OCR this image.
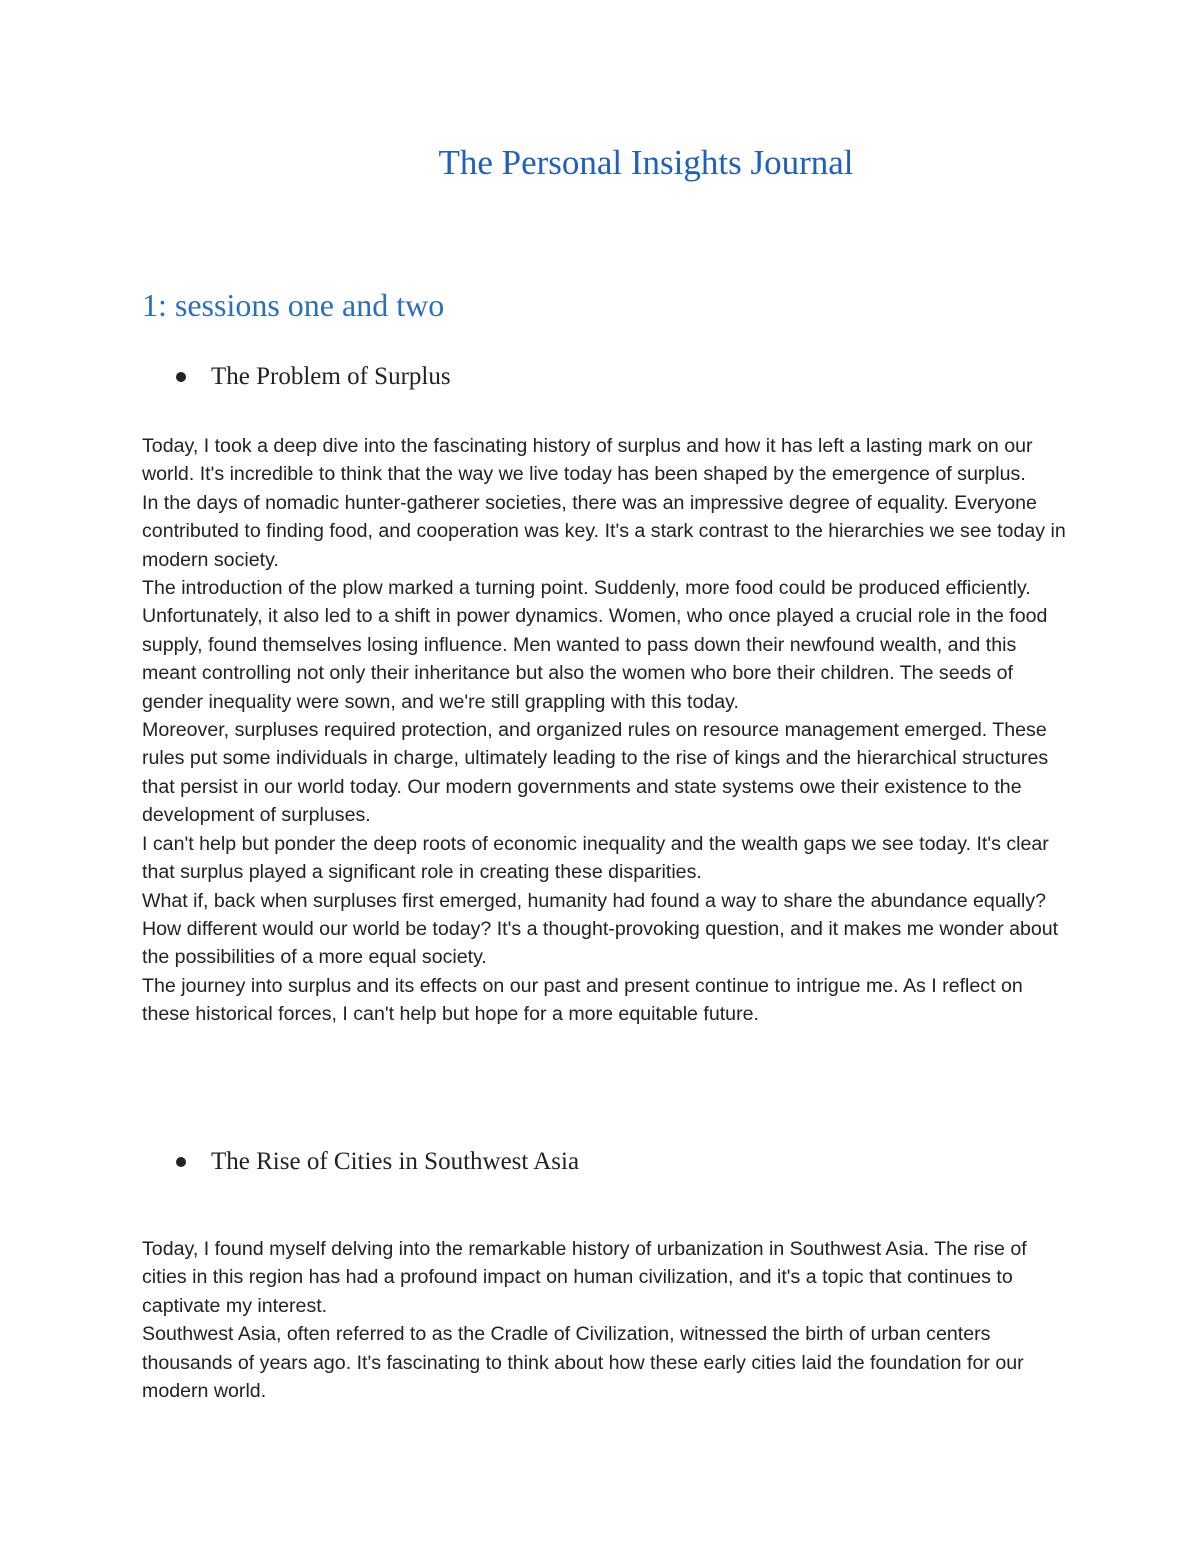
The Personal Insights Journal
1: sessions one and two
The Problem of Surplus

Today, I took a deep dive into the fascinating history of surplus and how it has left a lasting mark on our world. It's incredible to think that the way we live today has been shaped by the emergence of surplus.

In the days of nomadic hunter-gatherer societies, there was an impressive degree of equality. Everyone contributed to finding food, and cooperation was key. It's a stark contrast to the hierarchies we see today in modern society.

The introduction of the plow marked a turning point. Suddenly, more food could be produced efficiently. Unfortunately, it also led to a shift in power dynamics. Women, who once played a crucial role in the food supply, found themselves losing influence. Men wanted to pass down their newfound wealth, and this meant controlling not only their inheritance but also the women who bore their children. The seeds of gender inequality were sown, and we're still grappling with this today.

Moreover, surpluses required protection, and organized rules on resource management emerged. These rules put some individuals in charge, ultimately leading to the rise of kings and the hierarchical structures that persist in our world today. Our modern governments and state systems owe their existence to the development of surpluses.

I can't help but ponder the deep roots of economic inequality and the wealth gaps we see today. It's clear that surplus played a significant role in creating these disparities.

What if, back when surpluses first emerged, humanity had found a way to share the abundance equally? How different would our world be today? It's a thought-provoking question, and it makes me wonder about the possibilities of a more equal society.

The journey into surplus and its effects on our past and present continue to intrigue me. As I reflect on these historical forces, I can't help but hope for a more equitable future.

The Rise of Cities in Southwest Asia

Today, I found myself delving into the remarkable history of urbanization in Southwest Asia. The rise of cities in this region has had a profound impact on human civilization, and it's a topic that continues to captivate my interest.

Southwest Asia, often referred to as the Cradle of Civilization, witnessed the birth of urban centers thousands of years ago. It's fascinating to think about how these early cities laid the foundation for our modern world.
